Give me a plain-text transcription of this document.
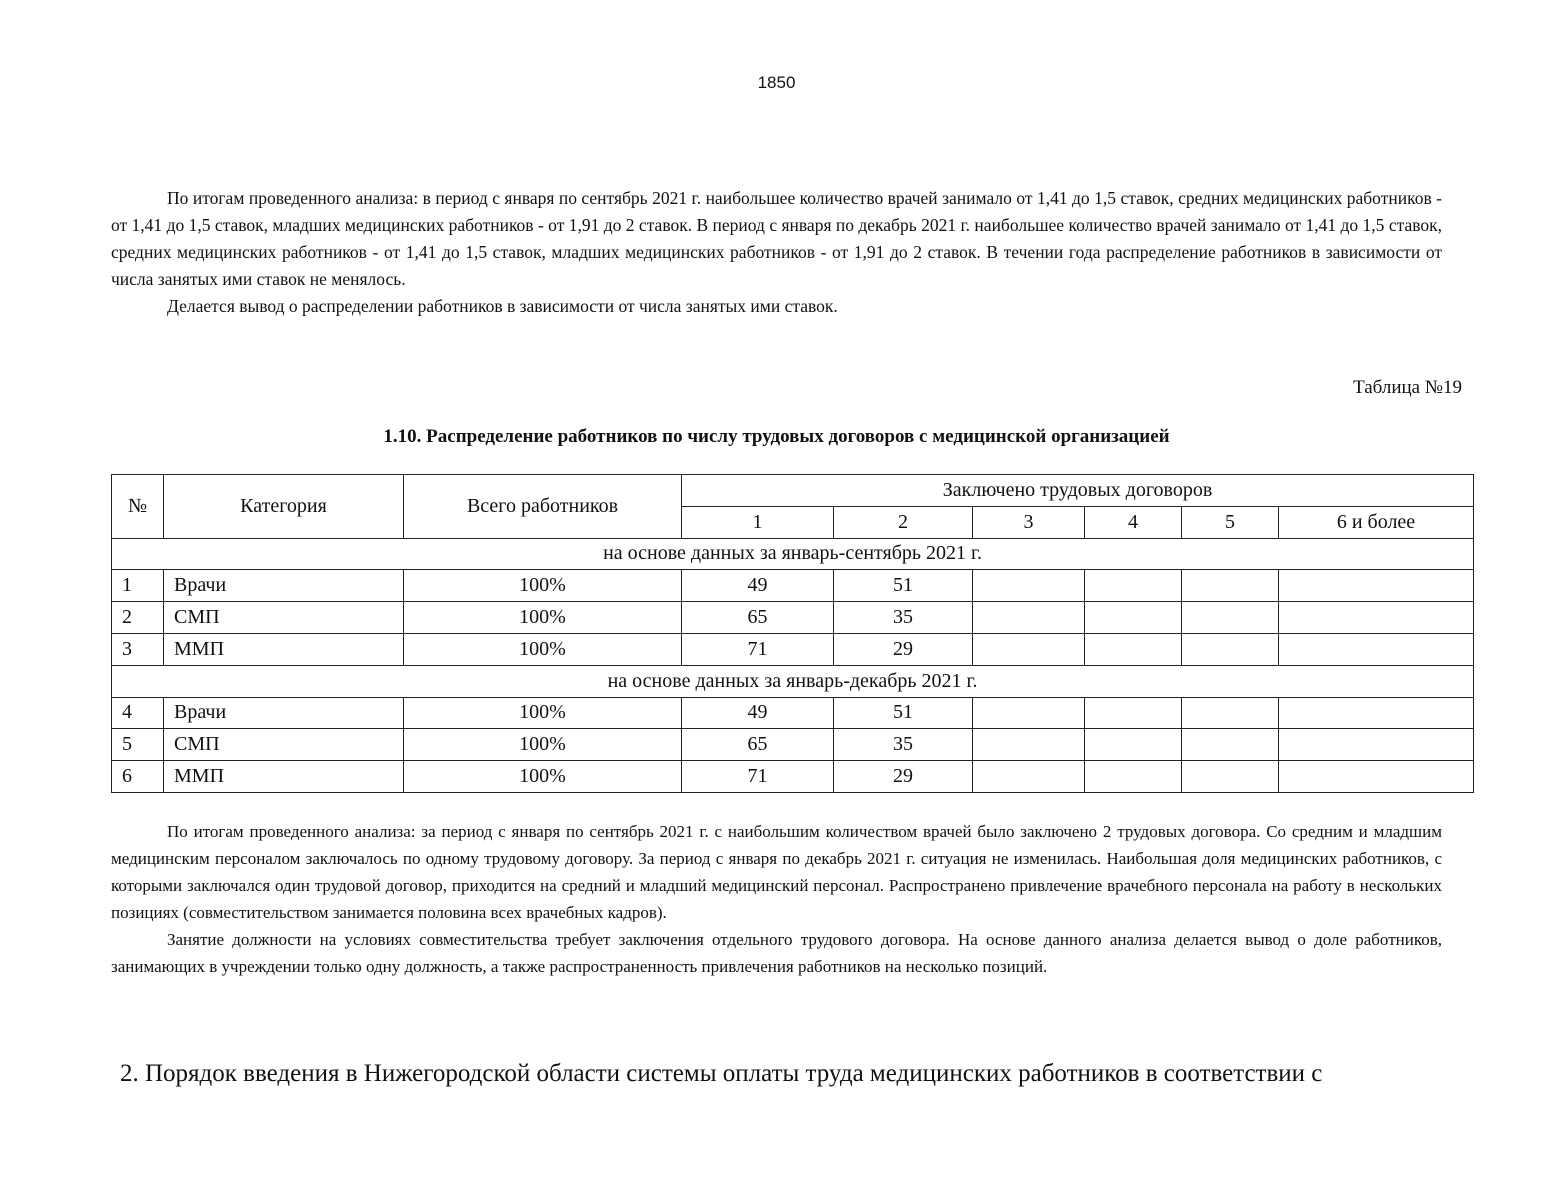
1850

По итогам проведенного анализа: в период с января по сентябрь 2021 г. наибольшее количество врачей занимало от 1,41 до 1,5 ставок, средних медицинских работников - от 1,41 до 1,5 ставок, младших медицинских работников - от 1,91 до 2 ставок. В период с января по декабрь 2021 г. наибольшее количество врачей занимало от 1,41 до 1,5 ставок, средних медицинских работников - от 1,41 до 1,5 ставок, младших медицинских работников - от 1,91 до 2 ставок. В течении года распределение работников в зависимости от числа занятых ими ставок не менялось.

Делается вывод о распределении работников в зависимости от числа занятых ими ставок.

Таблица №19
1.10. Распределение работников по числу трудовых договоров с медицинской организацией
№	Категория	Всего работников	Заключено трудовых договоров					
			1	2	3	4	5	6 и более
на основе данных за январь-сентябрь 2021 г.								
1	Врачи	100%	49	51				
2	СМП	100%	65	35				
3	ММП	100%	71	29				
на основе данных за январь-декабрь 2021 г.								
4	Врачи	100%	49	51				
5	СМП	100%	65	35				
6	ММП	100%	71	29				

По итогам проведенного анализа: за период с января по сентябрь 2021 г. с наибольшим количеством врачей было заключено 2 трудовых договора. Со средним и младшим медицинским персоналом заключалось по одному трудовому договору. За период с января по декабрь 2021 г. ситуация не изменилась. Наибольшая доля медицинских работников, с которыми заключался один трудовой договор, приходится на средний и младший медицинский персонал. Распространено привлечение врачебного персонала на работу в нескольких позициях (совместительством занимается половина всех врачебных кадров).

Занятие должности на условиях совместительства требует заключения отдельного трудового договора. На основе данного анализа делается вывод о доле работников, занимающих в учреждении только одну должность, а также распространенность привлечения работников на несколько позиций.

2. Порядок введения в Нижегородской области системы оплаты труда медицинских работников в соответствии с
